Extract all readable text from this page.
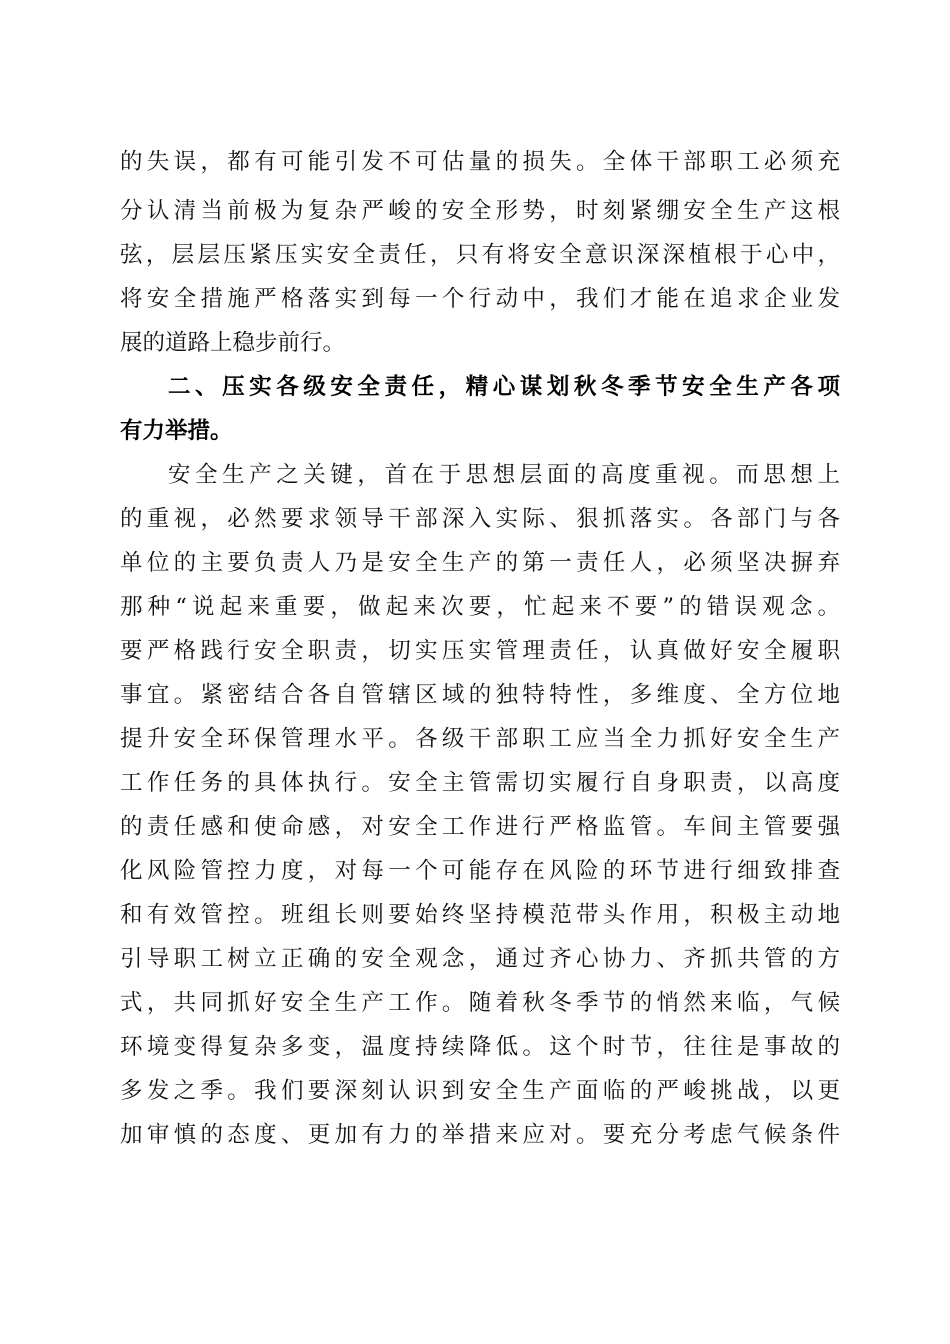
的失误，都有可能引发不可估量的损失。全体干部职工必须充
分认清当前极为复杂严峻的安全形势，时刻紧绷安全生产这根
弦，层层压紧压实安全责任，只有将安全意识深深植根于心中，
将安全措施严格落实到每一个行动中，我们才能在追求企业发
展的道路上稳步前行。
二、压实各级安全责任，精心谋划秋冬季节安全生产各项
有力举措。
安全生产之关键，首在于思想层面的高度重视。而思想上
的重视，必然要求领导干部深入实际、狠抓落实。各部门与各
单位的主要负责人乃是安全生产的第一责任人，必须坚决摒弃
那种“说起来重要，做起来次要，忙起来不要”的错误观念。
要严格践行安全职责，切实压实管理责任，认真做好安全履职
事宜。紧密结合各自管辖区域的独特特性，多维度、全方位地
提升安全环保管理水平。各级干部职工应当全力抓好安全生产
工作任务的具体执行。安全主管需切实履行自身职责，以高度
的责任感和使命感，对安全工作进行严格监管。车间主管要强
化风险管控力度，对每一个可能存在风险的环节进行细致排查
和有效管控。班组长则要始终坚持模范带头作用，积极主动地
引导职工树立正确的安全观念，通过齐心协力、齐抓共管的方
式，共同抓好安全生产工作。随着秋冬季节的悄然来临，气候
环境变得复杂多变，温度持续降低。这个时节，往往是事故的
多发之季。我们要深刻认识到安全生产面临的严峻挑战，以更
加审慎的态度、更加有力的举措来应对。要充分考虑气候条件
